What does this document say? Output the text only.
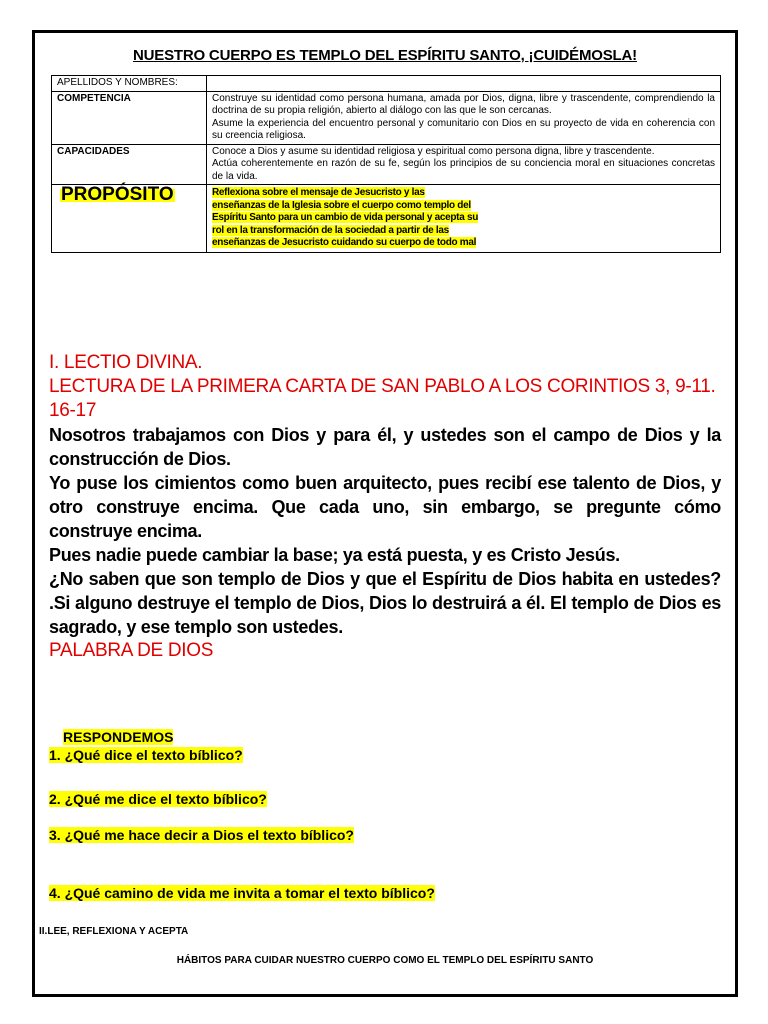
NUESTRO CUERPO ES TEMPLO DEL ESPÍRITU SANTO, ¡CUIDÉMOSLA!
APELLIDOS Y NOMBRES:	
COMPETENCIA	Construye su identidad como persona humana, amada por Dios, digna, libre y trascendente, comprendiendo la doctrina de su propia religión, abierto al diálogo con las que le son cercanas.
Asume la experiencia del encuentro personal y comunitario con Dios en su proyecto de vida en coherencia con su creencia religiosa.

CAPACIDADES	Conoce a Dios y asume su identidad religiosa y espiritual como persona digna, libre y trascendente.
Actúa coherentemente en razón de su fe, según los principios de su conciencia moral en situaciones concretas de la vida.

PROPÓSITO	Reflexiona sobre el mensaje de Jesucristo y las
enseñanzas de la Iglesia sobre el cuerpo como templo del
Espíritu Santo para un cambio de vida personal y acepta su
rol en la transformación de la sociedad a partir de las
enseñanzas de Jesucristo cuidando su cuerpo de todo mal
I. LECTIO DIVINA.
LECTURA DE LA PRIMERA CARTA DE SAN PABLO A LOS CORINTIOS 3, 9-11. 16-17
Nosotros trabajamos con Dios y para él, y ustedes son el campo de Dios y la construcción de Dios.
Yo puse los cimientos como buen arquitecto, pues recibí ese talento de Dios, y otro construye encima. Que cada uno, sin embargo, se pregunte cómo construye encima.
Pues nadie puede cambiar la base; ya está puesta, y es Cristo Jesús.
¿No saben que son templo de Dios y que el Espíritu de Dios habita en ustedes? .Si alguno destruye el templo de Dios, Dios lo destruirá a él. El templo de Dios es sagrado, y ese templo son ustedes.
PALABRA DE DIOS
RESPONDEMOS
1. ¿Qué dice el texto bíblico?
2. ¿Qué me dice el texto bíblico?
3. ¿Qué me hace decir a Dios el texto bíblico?
4. ¿Qué camino de vida me invita a tomar el texto bíblico?
II.LEE, REFLEXIONA Y ACEPTA
HÁBITOS PARA CUIDAR NUESTRO CUERPO COMO EL TEMPLO DEL ESPÍRITU SANTO
